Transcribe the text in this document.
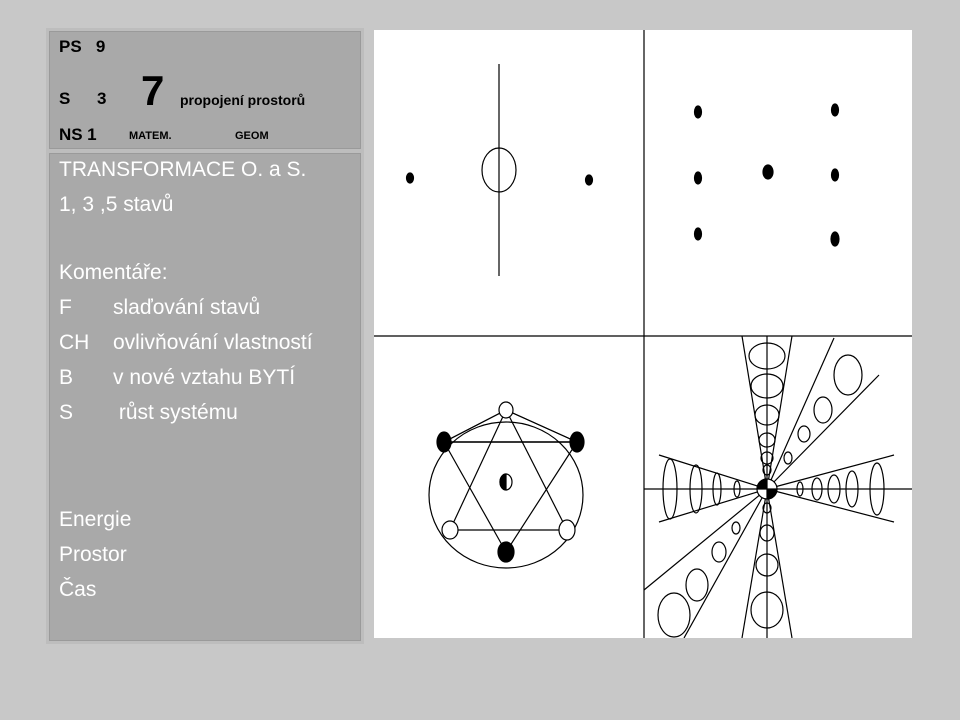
PS 9
S 3 7 propojení prostorů
NS 1	MATEM.	GEOM
TRANSFORMACE O. a S.
1, 3 ,5 stavů
Komentáře:
F slaďování stavů
CH ovlivňování vlastností
B v nové vztahu BYTÍ
S růst systému
Energie
Prostor
Čas
